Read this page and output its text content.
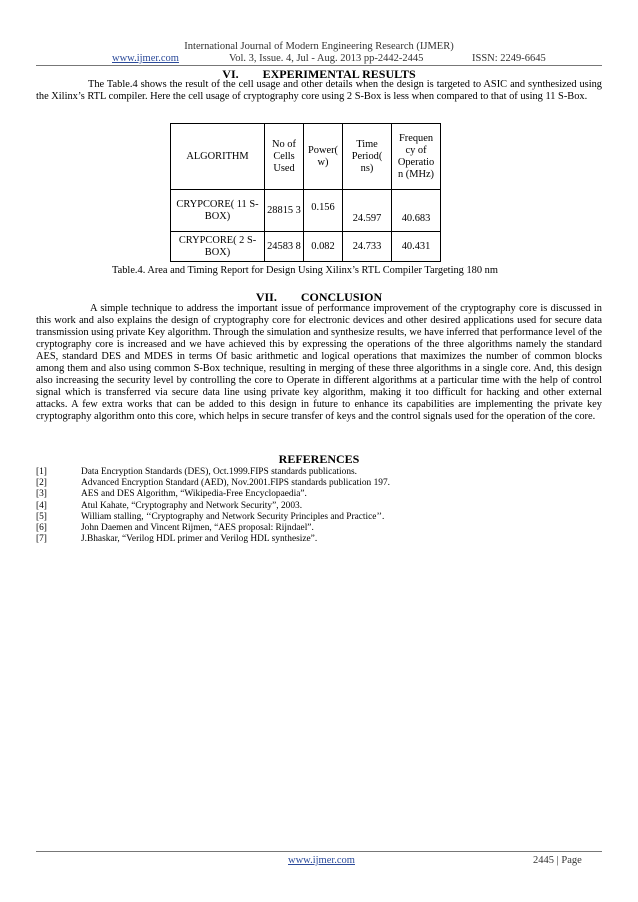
International Journal of Modern Engineering Research (IJMER)
www.ijmer.com	Vol. 3, Issue. 4, Jul - Aug. 2013 pp-2442-2445	ISSN: 2249-6645
VI. EXPERIMENTAL RESULTS

The Table.4 shows the result of the cell usage and other details when the design is targeted to ASIC and synthesized using the Xilinx’s RTL compiler. Here the cell usage of cryptography core using 2 S-Box is less when compared to that of using 11 S-Box.

ALGORITHM	No of Cells Used	Power( w)	Time Period( ns)	Frequen cy of Operatio n (MHz)
CRYPCORE( 11 S-BOX)	28815 3	0.156	24.597	40.683
CRYPCORE( 2 S-BOX)	24583 8	0.082	24.733	40.431
Table.4. Area and Timing Report for Design Using Xilinx’s RTL Compiler Targeting 180 nm
VII. CONCLUSION

A simple technique to address the important issue of performance improvement of the cryptography core is discussed in this work and also explains the design of cryptography core for electronic devices and other desired applications used for secure data transmission using private Key algorithm. Through the simulation and synthesize results, we have inferred that performance level of the cryptography core is increased and we have achieved this by expressing the operations of the three algorithms namely the standard AES, standard DES and MDES in terms Of basic arithmetic and logical operations that maximizes the number of common blocks among them and also using common S-Box technique, resulting in merging of these three algorithms in a single core. And, this design also increasing the security level by controlling the core to Operate in different algorithms at a particular time with the help of control signal which is transferred via secure data line using private key algorithm, making it too difficult for hacking and other external attacks. A few extra works that can be added to this design in future to enhance its capabilities are implementing the private key cryptography algorithm onto this core, which helps in secure transfer of keys and the control signals used for the operation of the core.

REFERENCES
[1]	Data Encryption Standards (DES), Oct.1999.FIPS standards publications.
[2]	Advanced Encryption Standard (AED), Nov.2001.FIPS standards publication 197.
[3]	AES and DES Algorithm, “Wikipedia-Free Encyclopaedia”.
[4]	Atul Kahate, “Cryptography and Network Security”, 2003.
[5]	William stalling, ‘‘Cryptography and Network Security Principles and Practice’’.
[6]	John Daemen and Vincent Rijmen, “AES proposal: Rijndael”.
[7]	J.Bhaskar, “Verilog HDL primer and Verilog HDL synthesize”.
www.ijmer.com	2445 | Page
